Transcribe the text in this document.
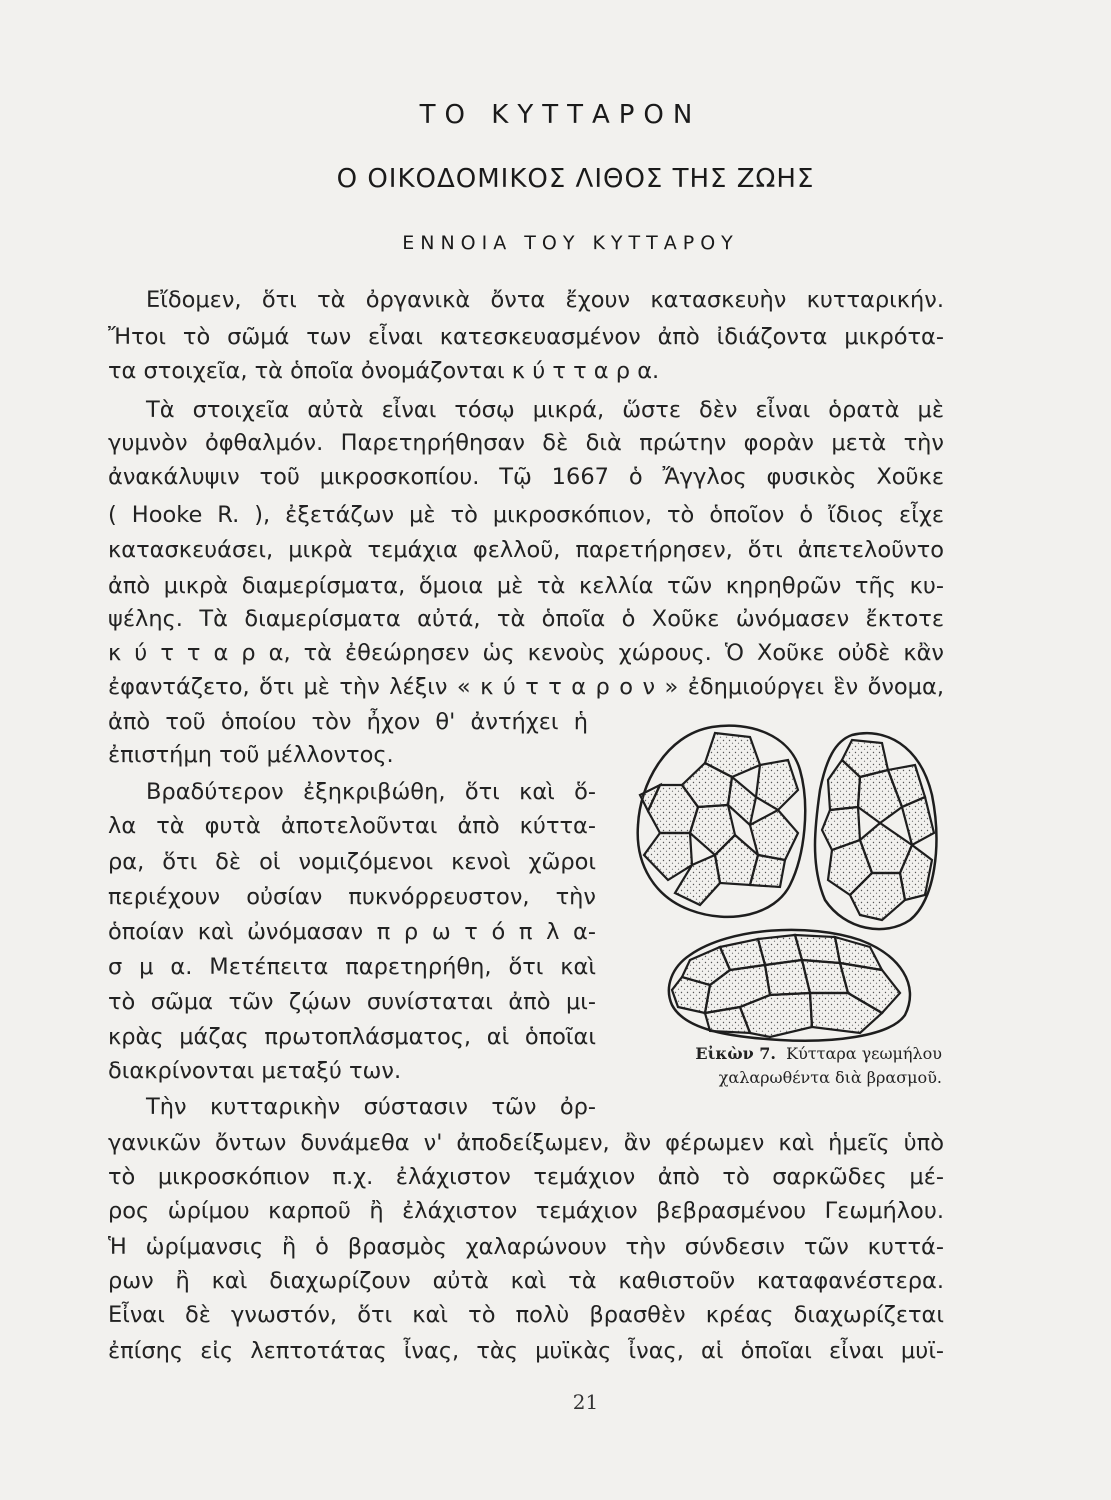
ΤΟ ΚΥΤΤΑΡΟΝ
Ο ΟΙΚΟΔΟΜΙΚΟΣ ΛΙΘΟΣ ΤΗΣ ΖΩΗΣ
ΕΝΝΟΙΑ ΤΟΥ ΚΥΤΤΑΡΟΥ
Εἴδομεν, ὅτι τὰ ὀργανικὰ ὄντα ἔχουν κατασκευὴν κυτταρικήν.
Ἤτοι τὸ σῶμά των εἶναι κατεσκευασμένον ἀπὸ ἰδιάζοντα μικρότα-
τα στοιχεῖα, τὰ ὁποῖα ὀνομάζονται κ ύ τ τ α ρ α.
Τὰ στοιχεῖα αὐτὰ εἶναι τόσῳ μικρά, ὥστε δὲν εἶναι ὁρατὰ μὲ
γυμνὸν ὀφθαλμόν. Παρετηρήθησαν δὲ διὰ πρώτην φορὰν μετὰ τὴν
ἀνακάλυψιν τοῦ μικροσκοπίου. Τῷ 1667 ὁ Ἄγγλος φυσικὸς Χοῦκε
( Hooke R. ), ἐξετάζων μὲ τὸ μικροσκόπιον, τὸ ὁποῖον ὁ ἴδιος εἶχε
κατασκευάσει, μικρὰ τεμάχια φελλοῦ, παρετήρησεν, ὅτι ἀπετελοῦντο
ἀπὸ μικρὰ διαμερίσματα, ὅμοια μὲ τὰ κελλία τῶν κηρηθρῶν τῆς κυ-
ψέλης. Τὰ διαμερίσματα αὐτά, τὰ ὁποῖα ὁ Χοῦκε ὠνόμασεν ἔκτοτε
κ ύ τ τ α ρ α, τὰ ἐθεώρησεν ὡς κενοὺς χώρους. Ὁ Χοῦκε οὐδὲ κἂν
ἐφαντάζετο, ὅτι μὲ τὴν λέξιν « κ ύ τ τ α ρ ο ν » ἐδημιούργει ἓν ὄνομα,
ἀπὸ τοῦ ὁποίου τὸν ἦχον θ' ἀντήχει ἡ
ἐπιστήμη τοῦ μέλλοντος.
Βραδύτερον ἐξηκριβώθη, ὅτι καὶ ὅ-
λα τὰ φυτὰ ἀποτελοῦνται ἀπὸ κύττα-
ρα, ὅτι δὲ οἱ νομιζόμενοι κενοὶ χῶροι
περιέχουν οὐσίαν πυκνόρρευστον, τὴν
ὁποίαν καὶ ὠνόμασαν π ρ ω τ ό π λ α-
σ μ α. Μετέπειτα παρετηρήθη, ὅτι καὶ
τὸ σῶμα τῶν ζῴων συνίσταται ἀπὸ μι-
κρὰς μάζας πρωτοπλάσματος, αἱ ὁποῖαι
διακρίνονται μεταξύ των.
Τὴν κυτταρικὴν σύστασιν τῶν ὀρ-
γανικῶν ὄντων δυνάμεθα ν' ἀποδείξωμεν, ἂν φέρωμεν καὶ ἡμεῖς ὑπὸ
τὸ μικροσκόπιον π.χ. ἐλάχιστον τεμάχιον ἀπὸ τὸ σαρκῶδες μέ-
ρος ὡρίμου καρποῦ ἢ ἐλάχιστον τεμάχιον βεβρασμένου Γεωμήλου.
Ἡ ὡρίμανσις ἢ ὁ βρασμὸς χαλαρώνουν τὴν σύνδεσιν τῶν κυττά-
ρων ἢ καὶ διαχωρίζουν αὐτὰ καὶ τὰ καθιστοῦν καταφανέστερα.
Εἶναι δὲ γνωστόν, ὅτι καὶ τὸ πολὺ βρασθὲν κρέας διαχωρίζεται
ἐπίσης εἰς λεπτοτάτας ἶνας, τὰς μυϊκὰς ἶνας, αἱ ὁποῖαι εἶναι μυϊ-
Εἰκὼν 7. Κύτταρα γεωμήλου
χαλαρωθέντα διὰ βρασμοῦ.
21
